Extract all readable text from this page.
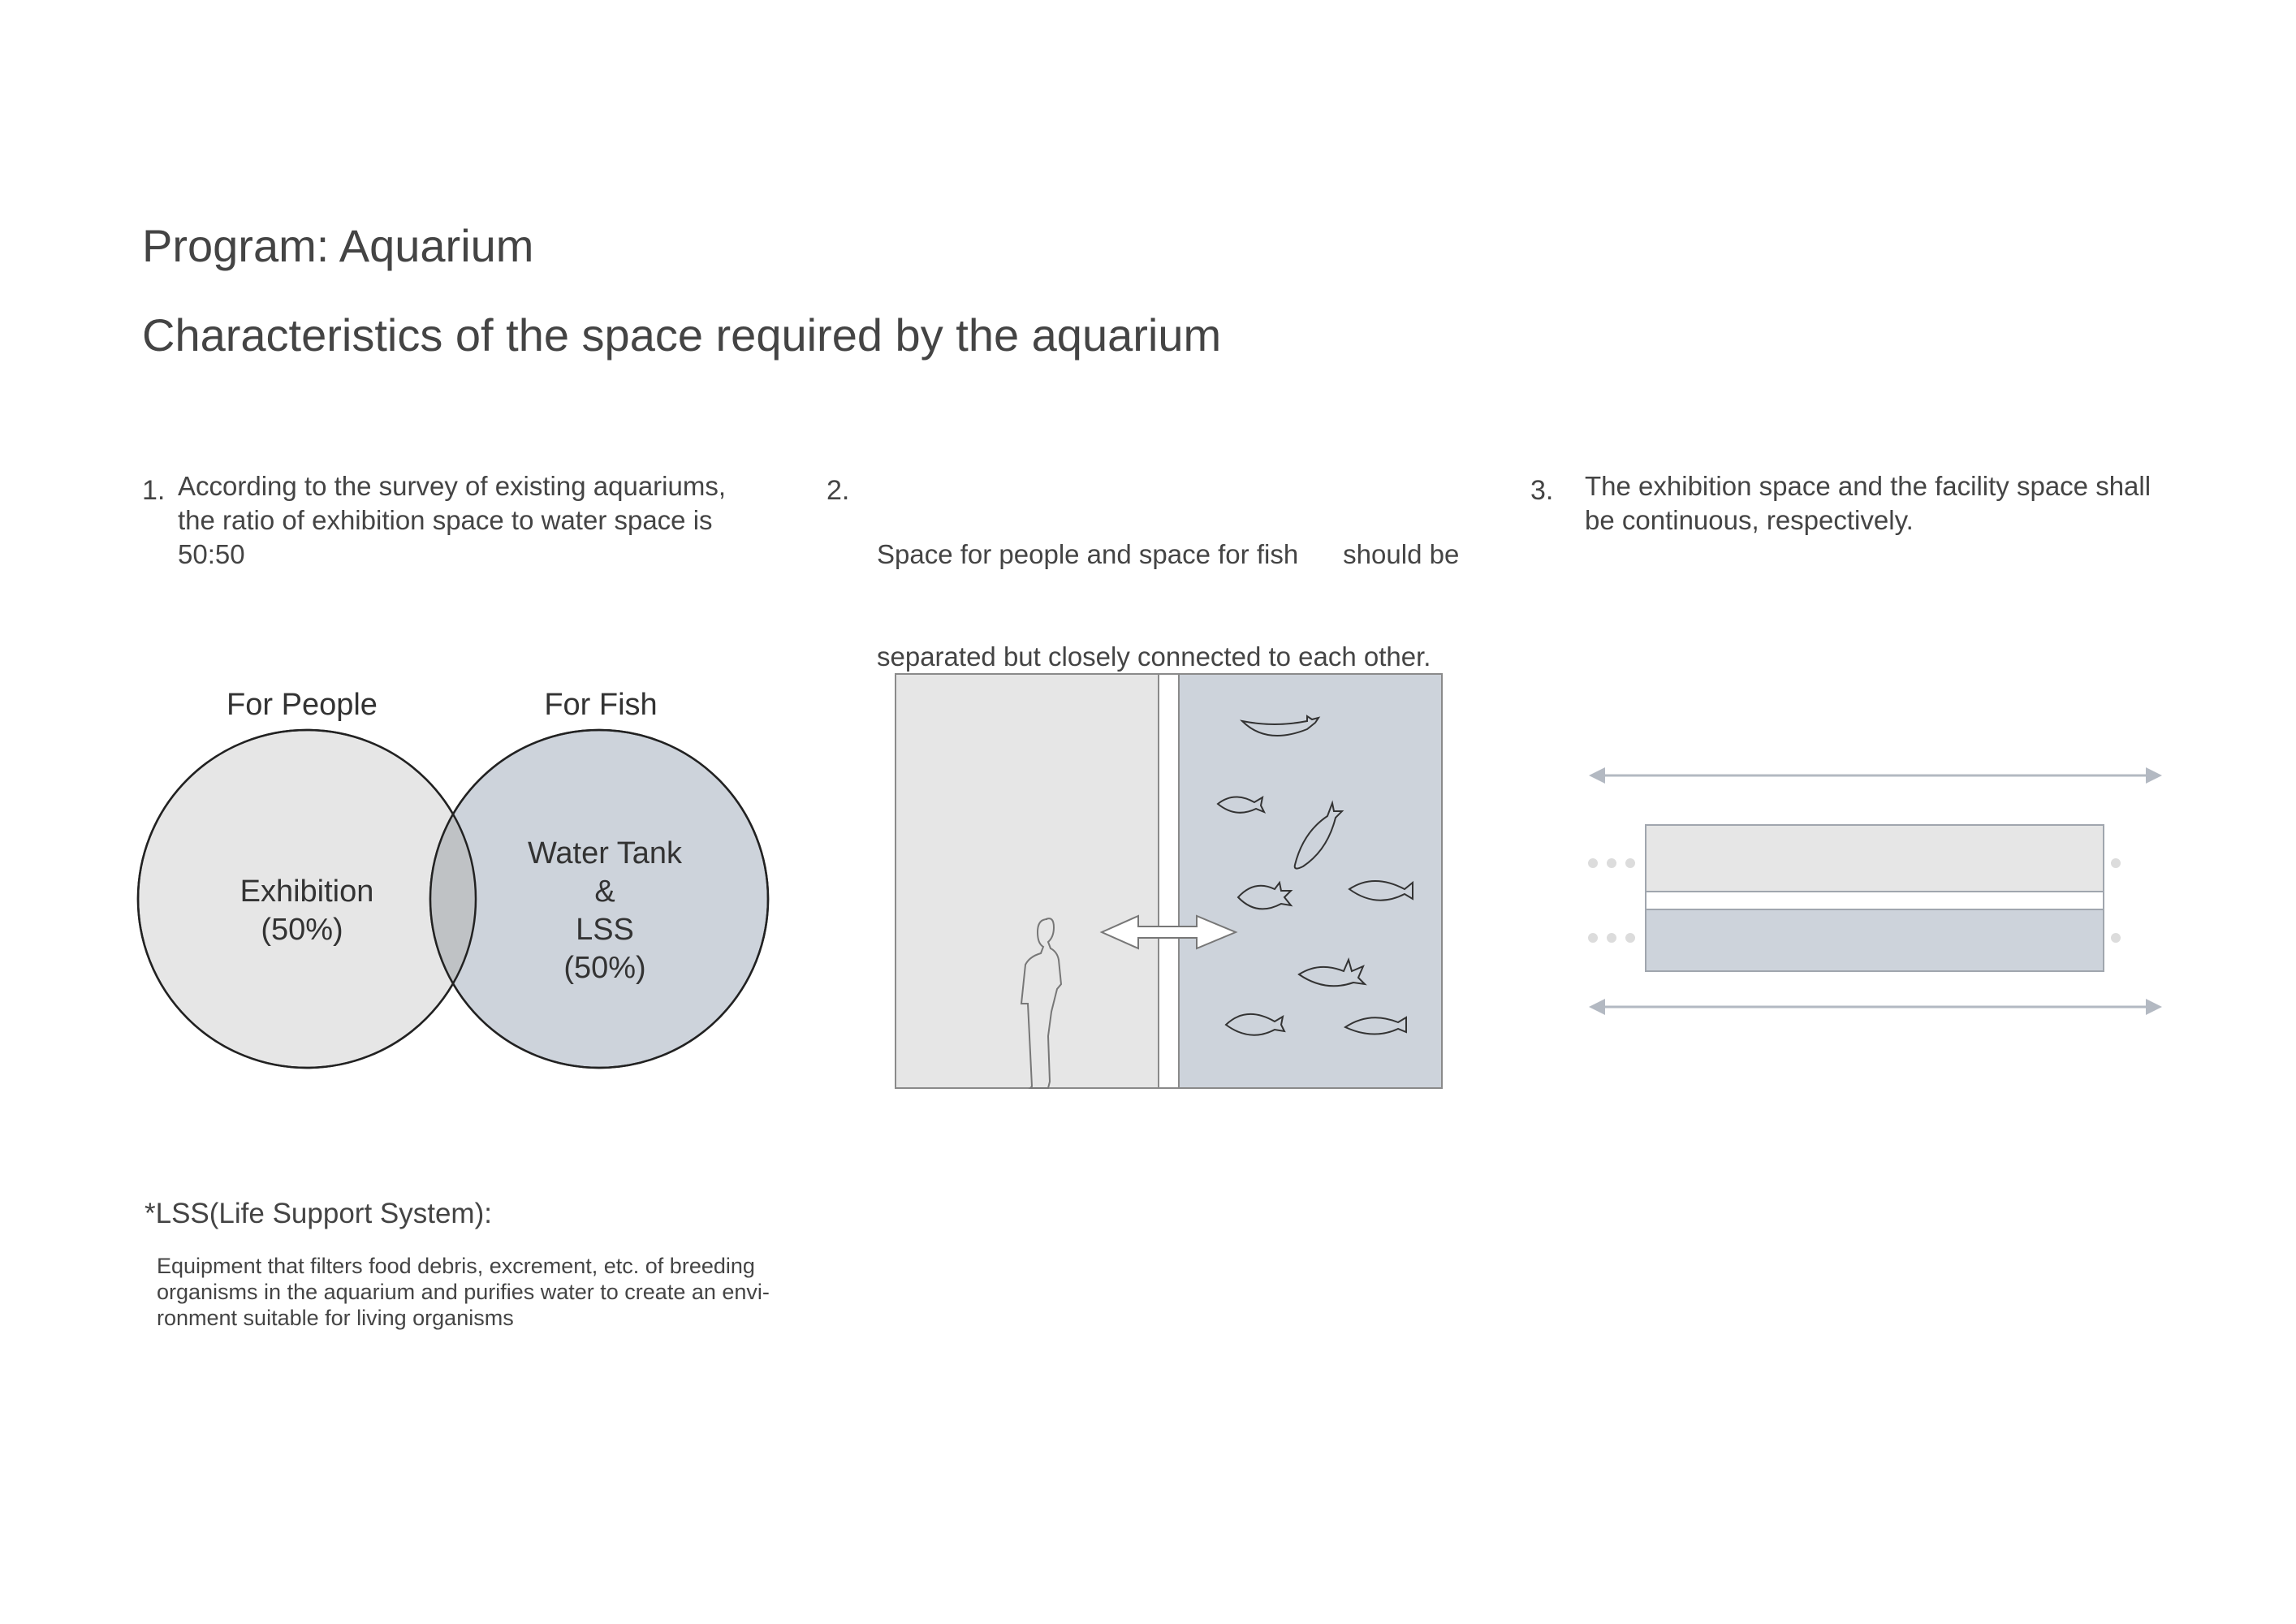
Program: Aquarium
Characteristics of the space required by the aquarium
1. According to the survey of existing aquariums,
the ratio of exhibition space to water space is
50:50
2.

Space for people and space for fish      should be

separated but closely connected to each other.

3. The exhibition space and the facility space shall
be continuous, respectively.
For People	For Fish
Exhibition
(50%)
Water Tank
&
LSS
(50%)
*LSS(Life Support System):
Equipment that filters food debris, excrement, etc. of breeding
organisms in the aquarium and purifies water to create an envi-
ronment suitable for living organisms
